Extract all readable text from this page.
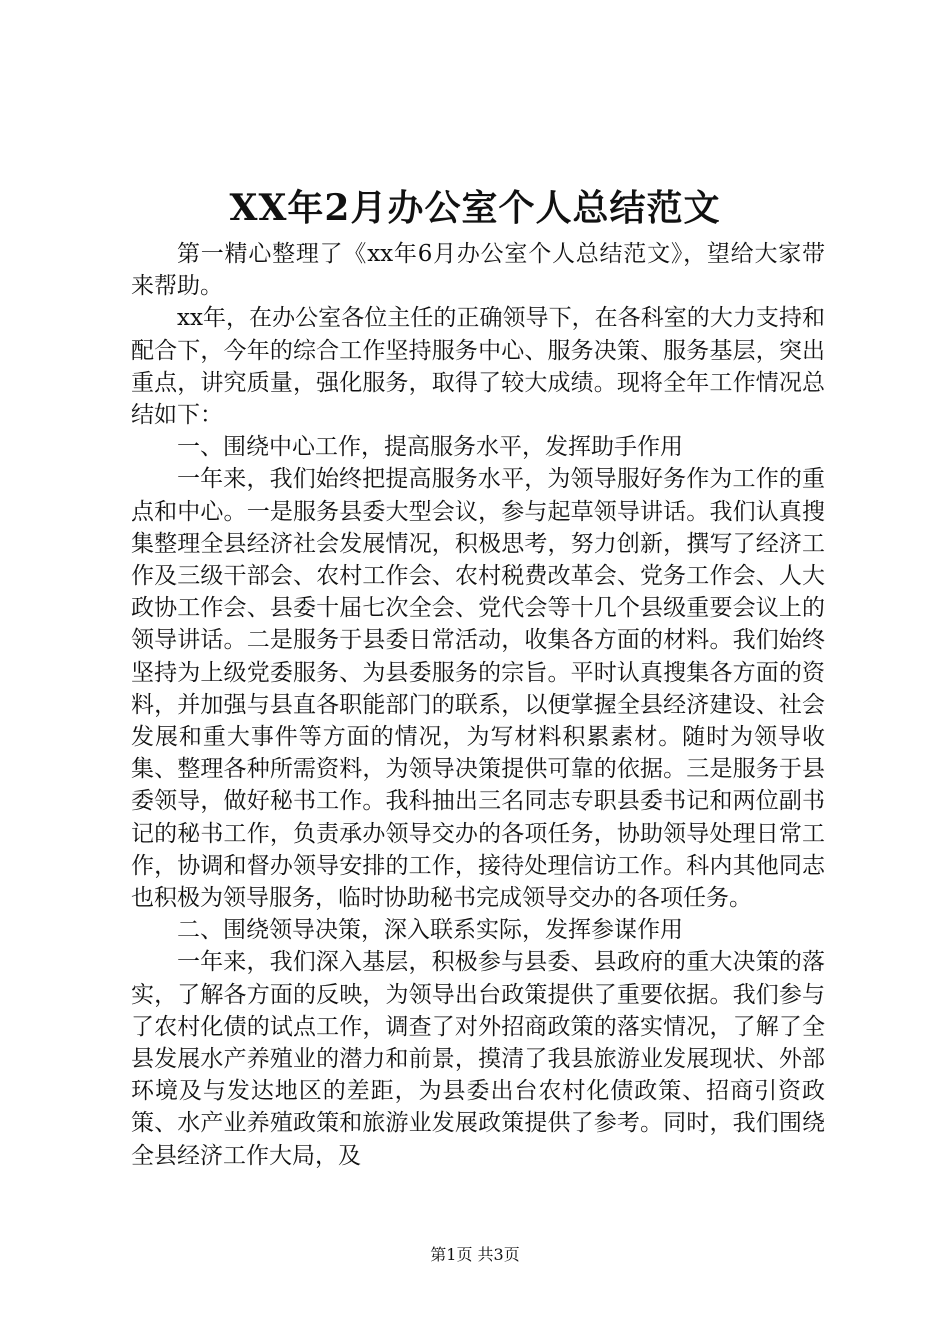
XX年2月办公室个人总结范文

第一精心整理了《xx年6月办公室个人总结范文》，望给大家带来帮助。

xx年，在办公室各位主任的正确领导下，在各科室的大力支持和配合下，今年的综合工作坚持服务中心、服务决策、服务基层，突出重点，讲究质量，强化服务，取得了较大成绩。现将全年工作情况总结如下：

一、围绕中心工作，提高服务水平，发挥助手作用

一年来，我们始终把提高服务水平，为领导服好务作为工作的重点和中心。一是服务县委大型会议，参与起草领导讲话。我们认真搜集整理全县经济社会发展情况，积极思考，努力创新，撰写了经济工作及三级干部会、农村工作会、农村税费改革会、党务工作会、人大政协工作会、县委十届七次全会、党代会等十几个县级重要会议上的领导讲话。二是服务于县委日常活动，收集各方面的材料。我们始终坚持为上级党委服务、为县委服务的宗旨。平时认真搜集各方面的资料，并加强与县直各职能部门的联系，以便掌握全县经济建设、社会发展和重大事件等方面的情况，为写材料积累素材。随时为领导收集、整理各种所需资料，为领导决策提供可靠的依据。三是服务于县委领导，做好秘书工作。我科抽出三名同志专职县委书记和两位副书记的秘书工作，负责承办领导交办的各项任务，协助领导处理日常工作，协调和督办领导安排的工作，接待处理信访工作。科内其他同志也积极为领导服务，临时协助秘书完成领导交办的各项任务。

二、围绕领导决策，深入联系实际，发挥参谋作用

一年来，我们深入基层，积极参与县委、县政府的重大决策的落实，了解各方面的反映，为领导出台政策提供了重要依据。我们参与了农村化债的试点工作，调查了对外招商政策的落实情况，了解了全县发展水产养殖业的潜力和前景，摸清了我县旅游业发展现状、外部环境及与发达地区的差距，为县委出台农村化债政策、招商引资政策、水产业养殖政策和旅游业发展政策提供了参考。同时，我们围绕全县经济工作大局，及

第1页 共3页
